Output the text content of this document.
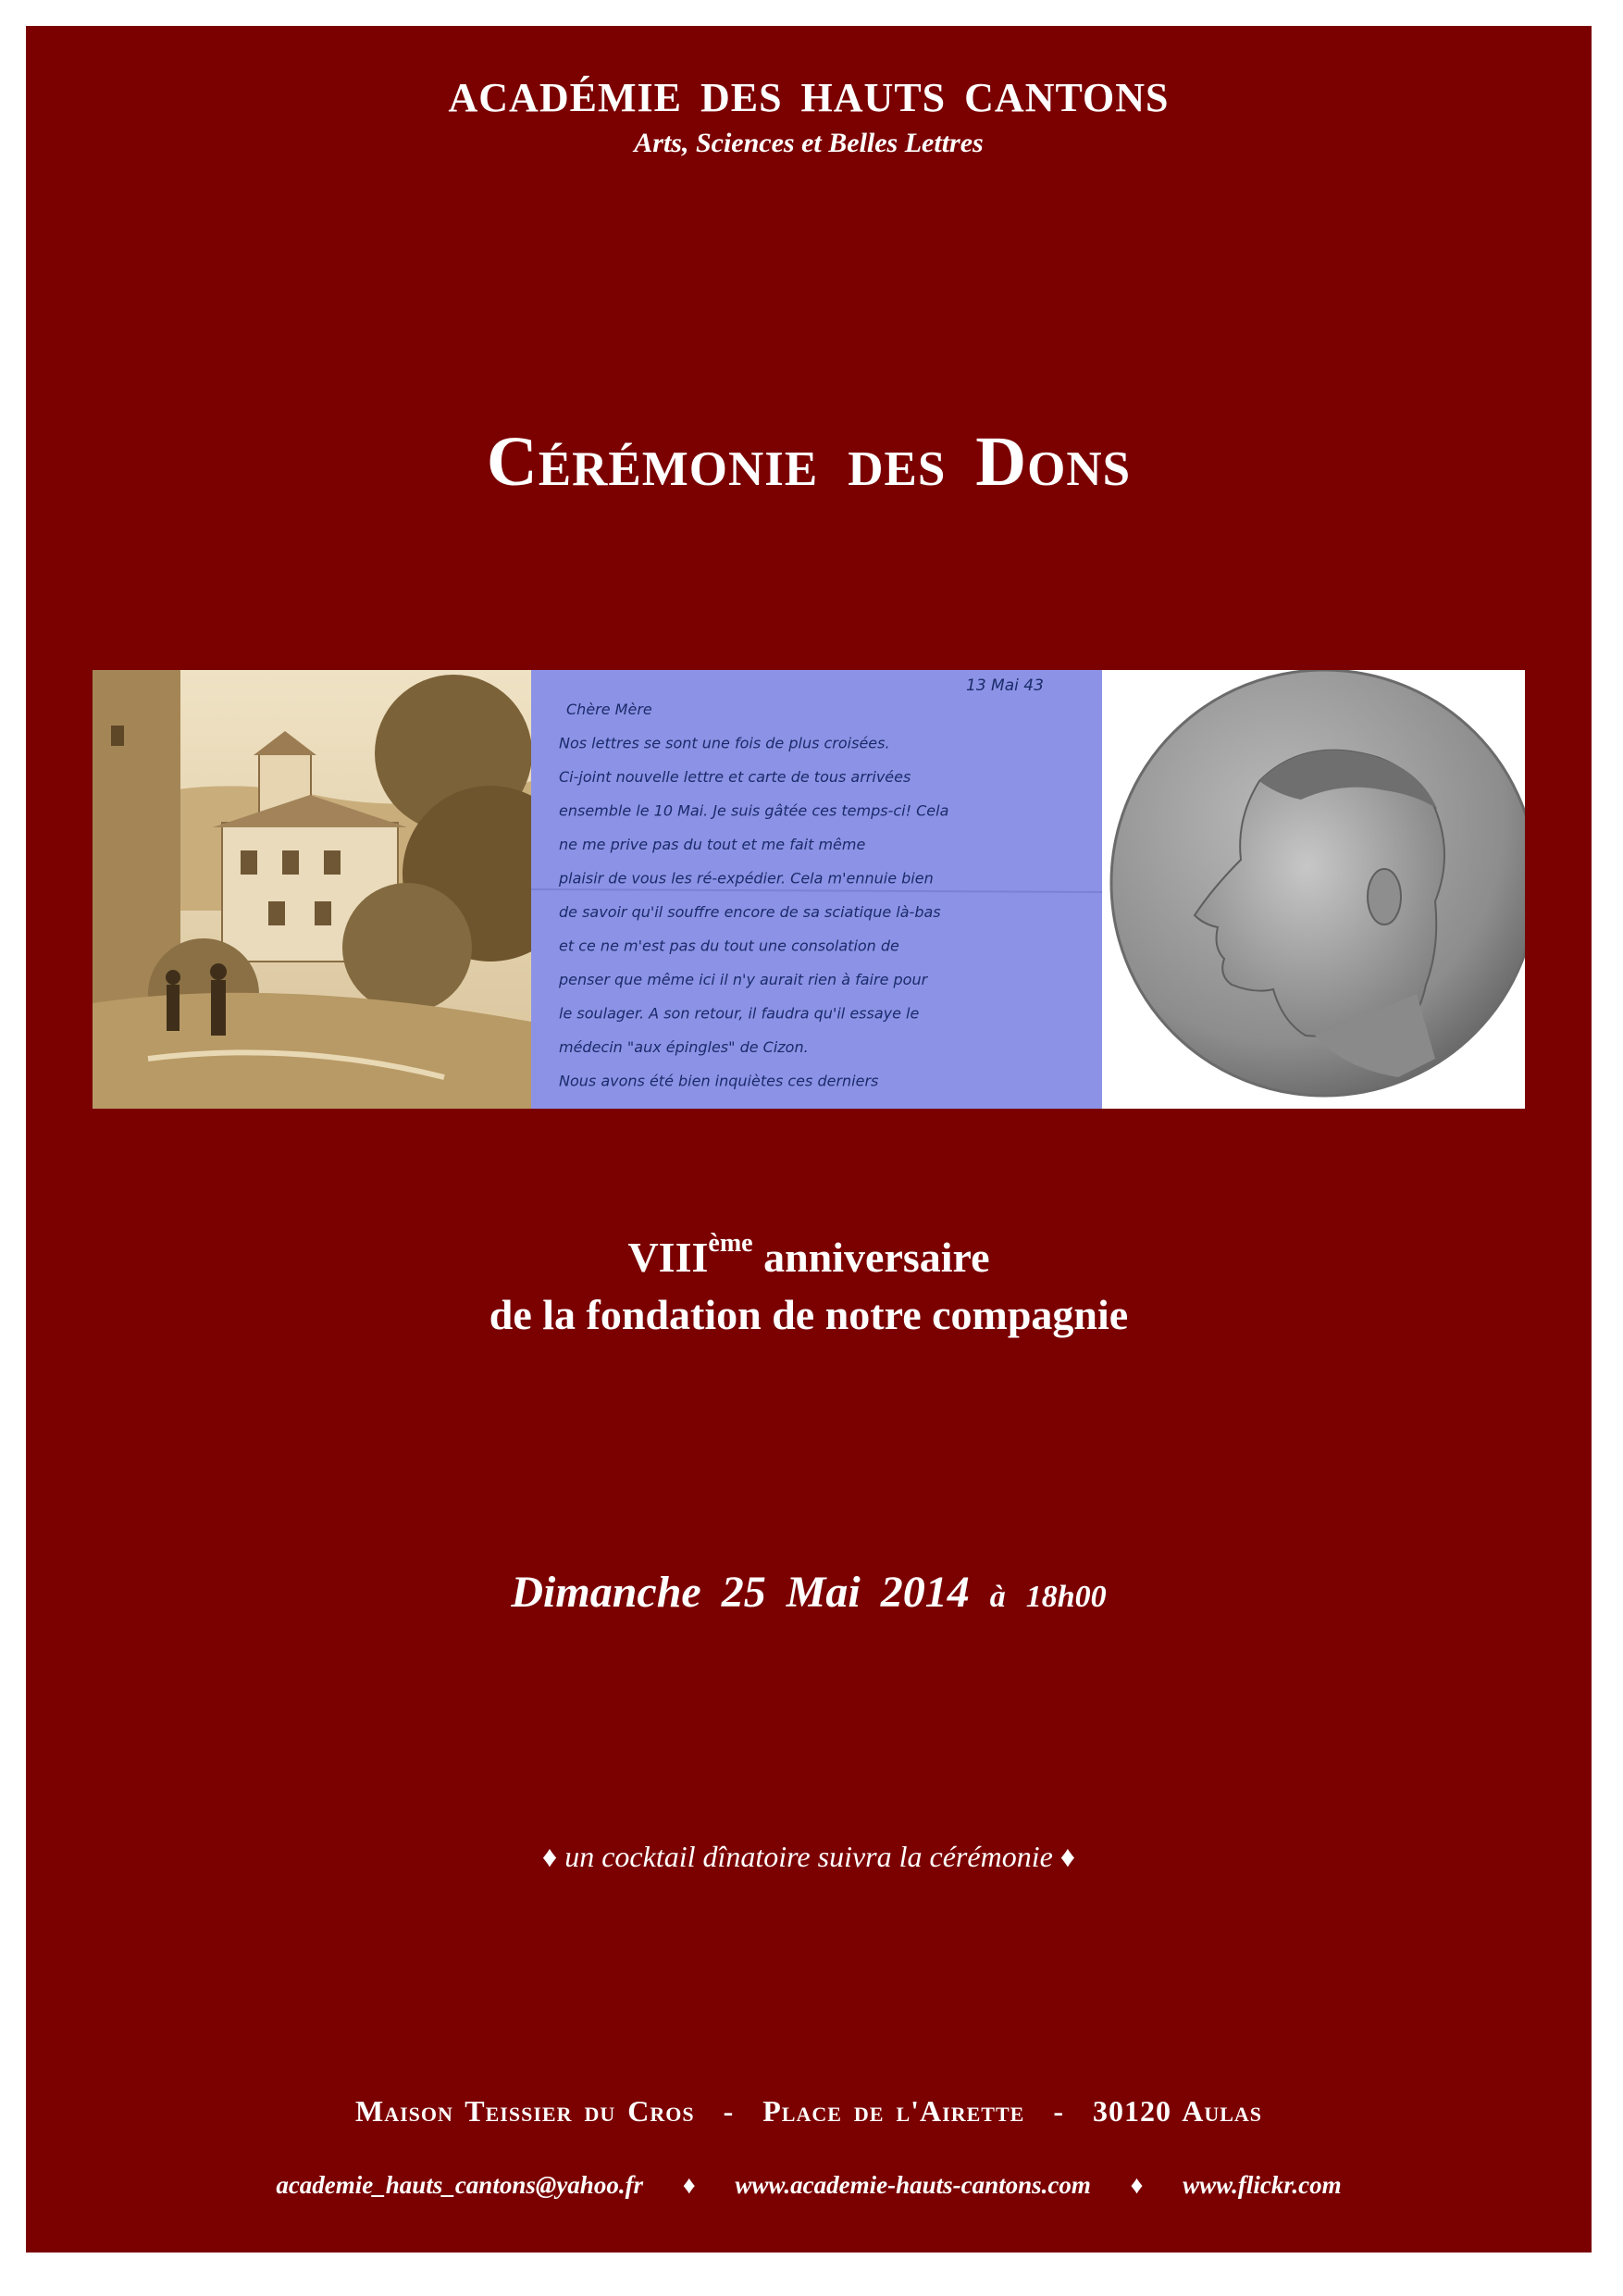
ACADÉMIE DES HAUTS CANTONS
Arts, Sciences et Belles Lettres
Cérémonie des Dons
13 Mai 43
Chère Mère
Nos lettres se sont une fois de plus croisées.
Ci-joint nouvelle lettre et carte de tous arrivées
ensemble le 10 Mai. Je suis gâtée ces temps-ci! Cela
ne me prive pas du tout et me fait même
plaisir de vous les ré-expédier. Cela m'ennuie bien
de savoir qu'il souffre encore de sa sciatique là-bas
et ce ne m'est pas du tout une consolation de
penser que même ici il n'y aurait rien à faire pour
le soulager. A son retour, il faudra qu'il essaye le
médecin "aux épingles" de Cizon.
Nous avons été bien inquiètes ces derniers
VIIIème anniversaire
de la fondation de notre compagnie
Dimanche 25 Mai 2014 à 18h00
♦ un cocktail dînatoire suivra la cérémonie ♦
Maison Teissier du Cros - Place de l'Airette - 30120 Aulas
academie_hauts_cantons@yahoo.fr ♦ www.academie-hauts-cantons.com ♦ www.flickr.com
